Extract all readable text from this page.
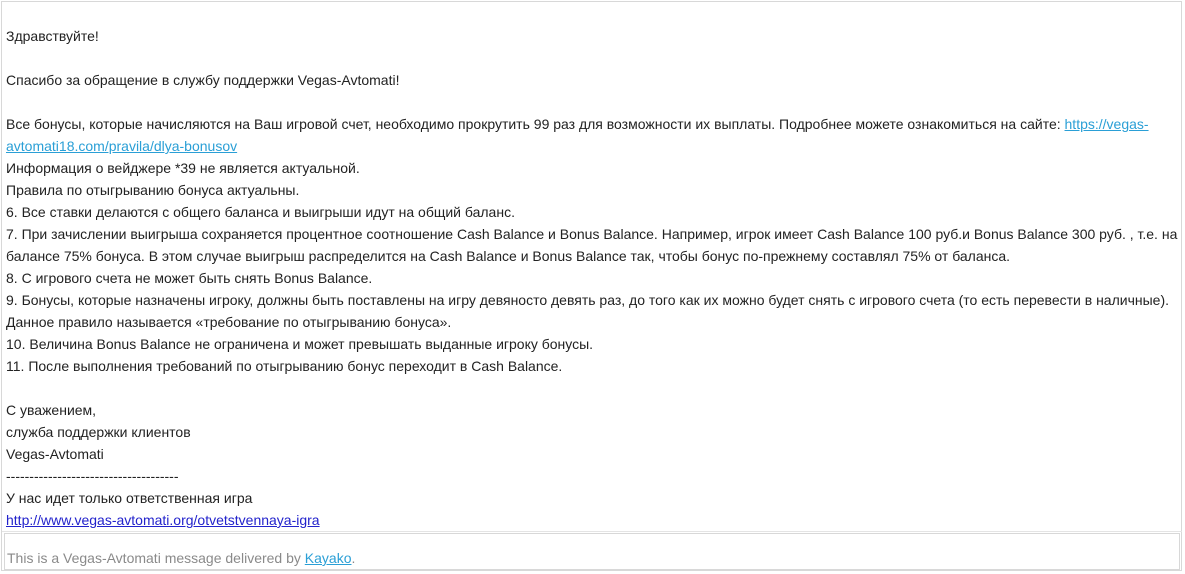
Здравствуйте!
Спасибо за обращение в службу поддержки Vegas-Avtomati!
Все бонусы, которые начисляются на Ваш игровой счет, необходимо прокрутить 99 раз для возможности их выплаты. Подробнее можете ознакомиться на сайте: https://vegas-
avtomati18.com/pravila/dlya-bonusov
Информация о вейджере *39 не является актуальной.
Правила по отыгрыванию бонуса актуальны.
6. Все ставки делаются с общего баланса и выигрыши идут на общий баланс.
7. При зачислении выигрыша сохраняется процентное соотношение Cash Balance и Bonus Balance. Например, игрок имеет Cash Balance 100 руб.и Bonus Balance 300 руб. , т.е. на
балансе 75% бонуса. В этом случае выигрыш распределится на Cash Balance и Bonus Balance так, чтобы бонус по-прежнему составлял 75% от баланса.
8. С игрового счета не может быть снять Bonus Balance.
9. Бонусы, которые назначены игроку, должны быть поставлены на игру девяносто девять раз, до того как их можно будет снять с игрового счета (то есть перевести в наличные).
Данное правило называется «требование по отыгрыванию бонуса».
10. Величина Bonus Balance не ограничена и может превышать выданные игроку бонусы.
11. После выполнения требований по отыгрыванию бонус переходит в Cash Balance.
С уважением,
служба поддержки клиентов
Vegas-Avtomati
-------------------------------------
У нас идет только ответственная игра
http://www.vegas-avtomati.org/otvetstvennaya-igra
This is a Vegas-Avtomati message delivered by Kayako.
